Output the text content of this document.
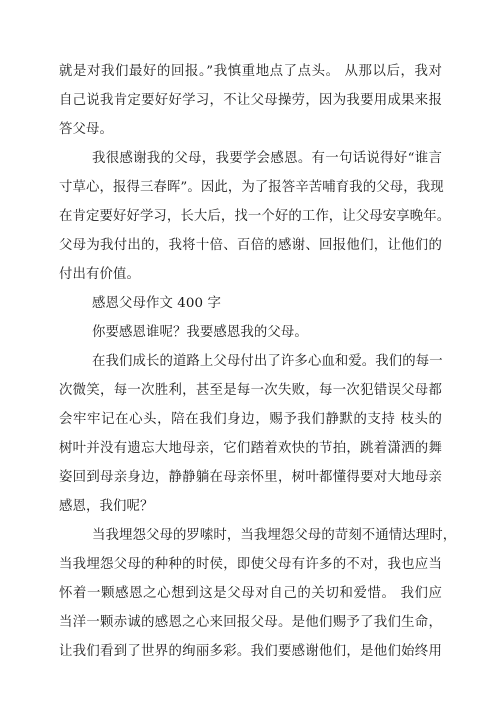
就是对我们最好的回报。”我慎重地点了点头。 从那以后，我对
自己说我肯定要好好学习，不让父母操劳，因为我要用成果来报
答父母。
我很感谢我的父母，我要学会感恩。有一句话说得好“谁言
寸草心，报得三春晖”。因此，为了报答辛苦哺育我的父母，我现
在肯定要好好学习，长大后，找一个好的工作，让父母安享晚年。
父母为我付出的，我将十倍、百倍的感谢、回报他们，让他们的
付出有价值。
感恩父母作文 400 字
你要感恩谁呢？我要感恩我的父母。
在我们成长的道路上父母付出了许多心血和爱。我们的每一
次微笑，每一次胜利，甚至是每一次失败，每一次犯错误父母都
会牢牢记在心头，陪在我们身边，赐予我们静默的支持 枝头的
树叶并没有遗忘大地母亲，它们踏着欢快的节拍，跳着潇洒的舞
姿回到母亲身边，静静躺在母亲怀里，树叶都懂得要对大地母亲
感恩，我们呢？
当我埋怨父母的罗嗦时，当我埋怨父母的苛刻不通情达理时，
当我埋怨父母的种种的时侯，即使父母有许多的不对，我也应当
怀着一颗感恩之心想到这是父母对自己的关切和爱惜。 我们应
当洋一颗赤诚的感恩之心来回报父母。是他们赐予了我们生命，
让我们看到了世界的绚丽多彩。我们要感谢他们，是他们始终用
